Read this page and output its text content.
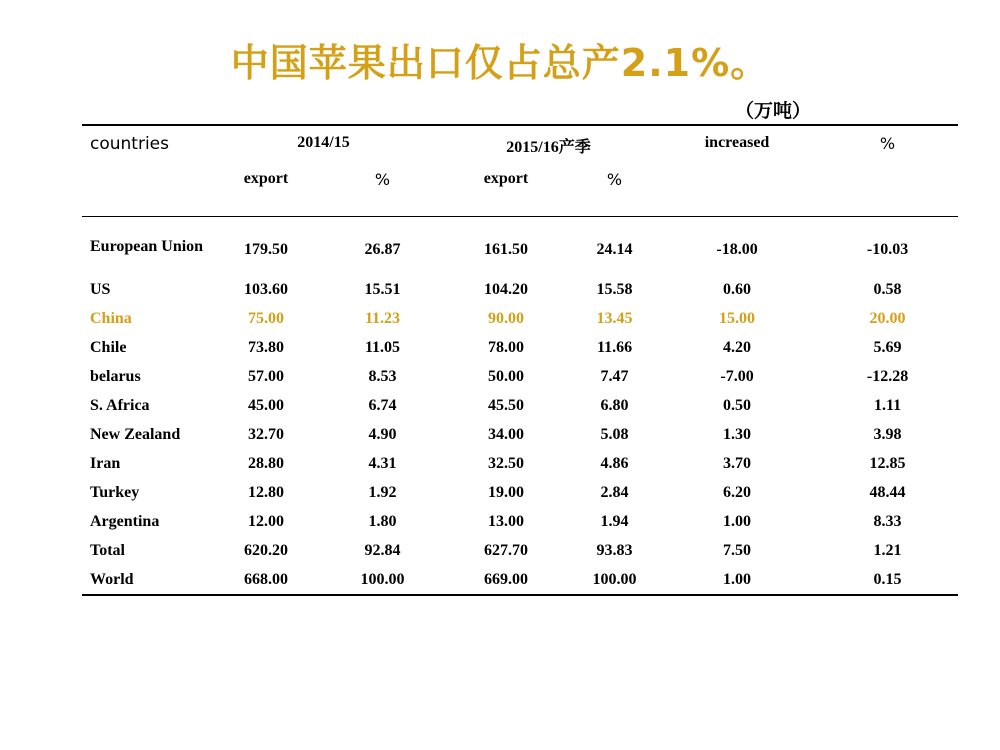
中国苹果出口仅占总产2.1%。
（万吨）
countries	2014/15		2015/16产季		increased	%
	export	%	export	%		
European Union	179.50	26.87	161.50	24.14	-18.00	-10.03
US	103.60	15.51	104.20	15.58	0.60	0.58
China	75.00	11.23	90.00	13.45	15.00	20.00
Chile	73.80	11.05	78.00	11.66	4.20	5.69
belarus	57.00	8.53	50.00	7.47	-7.00	-12.28
S. Africa	45.00	6.74	45.50	6.80	0.50	1.11
New Zealand	32.70	4.90	34.00	5.08	1.30	3.98
Iran	28.80	4.31	32.50	4.86	3.70	12.85
Turkey	12.80	1.92	19.00	2.84	6.20	48.44
Argentina	12.00	1.80	13.00	1.94	1.00	8.33
Total	620.20	92.84	627.70	93.83	7.50	1.21
World	668.00	100.00	669.00	100.00	1.00	0.15
